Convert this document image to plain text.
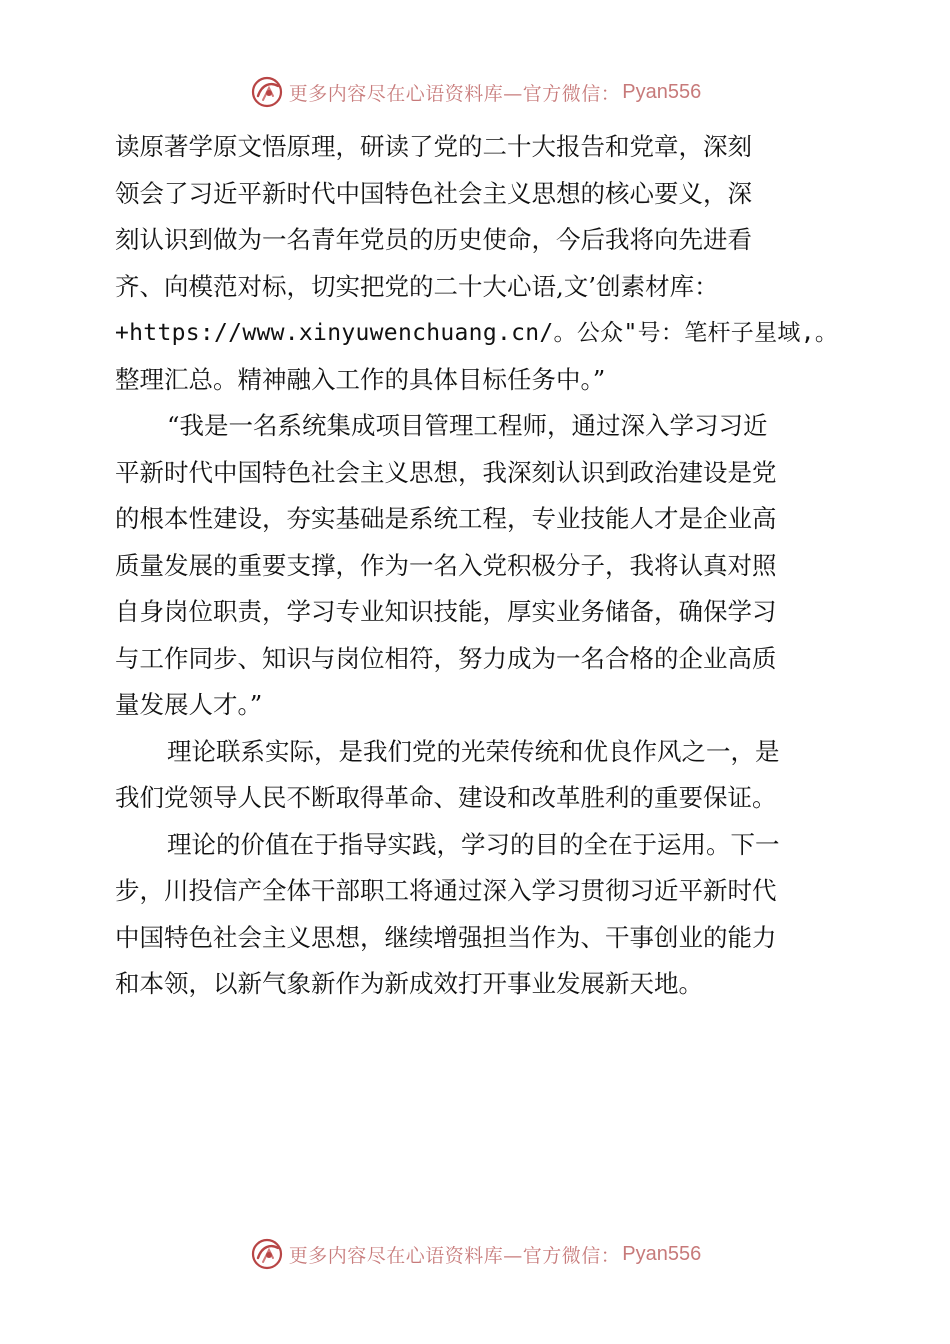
更多内容尽在心语资料库—官方微信： Pyan556
读原著学原文悟原理，研读了党的二十大报告和党章，深刻
领会了习近平新时代中国特色社会主义思想的核心要义，深
刻认识到做为一名青年党员的历史使命，今后我将向先进看
齐、向模范对标，切实把党的二十大心语,文’创素材库：
+https://www.xinyuwenchuang.cn/。公众"号：笔杆子星域,。
整理汇总。精神融入工作的具体目标任务中。”
“我是一名系统集成项目管理工程师，通过深入学习习近
平新时代中国特色社会主义思想，我深刻认识到政治建设是党
的根本性建设，夯实基础是系统工程，专业技能人才是企业高
质量发展的重要支撑，作为一名入党积极分子，我将认真对照
自身岗位职责，学习专业知识技能，厚实业务储备，确保学习
与工作同步、知识与岗位相符，努力成为一名合格的企业高质
量发展人才。”
理论联系实际，是我们党的光荣传统和优良作风之一，是
我们党领导人民不断取得革命、建设和改革胜利的重要保证。
理论的价值在于指导实践，学习的目的全在于运用。下一
步，川投信产全体干部职工将通过深入学习贯彻习近平新时代
中国特色社会主义思想，继续增强担当作为、干事创业的能力
和本领，以新气象新作为新成效打开事业发展新天地。
更多内容尽在心语资料库—官方微信： Pyan556
